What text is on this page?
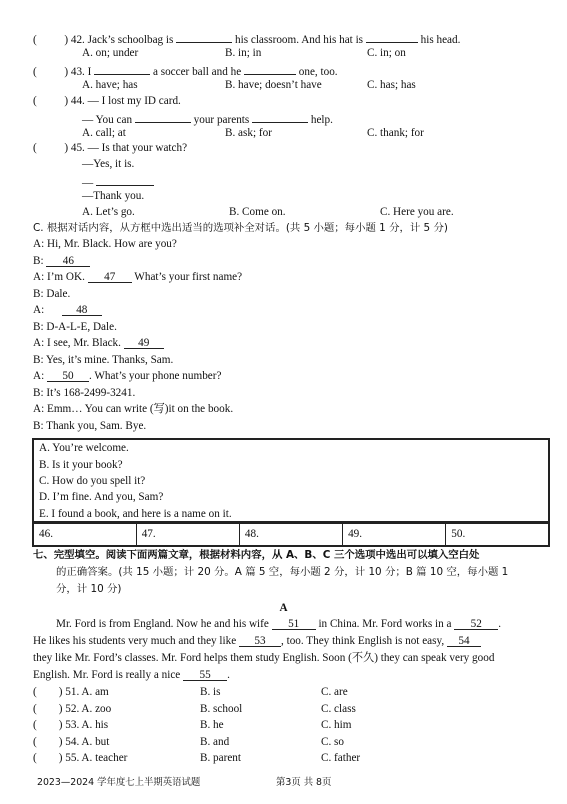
( ) 42. Jack’s schoolbag is	his classroom. And his hat is	his head.
A. on; under	B. in; in	C. in; on
( ) 43. I	a soccer ball and he	one, too.
A. have; has	B. have; doesn’t have	C. has; has
( ) 44. — I lost my ID card.
— You can	your parents	help.
A. call; at	B. ask; for	C. thank; for
( ) 45. — Is that your watch?
—Yes, it is.
—
—Thank you.
A. Let’s go.	B. Come on.	C. Here you are.
C. 根据对话内容，从方框中选出适当的选项补全对话。(共 5 小题；每小题 1 分，计 5 分)
A: Hi, Mr. Black. How are you?
B: 46
A: I’m OK. 47 What’s your first name?
B: Dale.
A:	48
B: D-A-L-E, Dale.
A: I see, Mr. Black. 49
B: Yes, it’s mine. Thanks, Sam.
A: 50 . What’s your phone number?
B: It’s 168-2499-3241.
A: Emm… You can write (写)it on the book.
B: Thank you, Sam. Bye.
A. You’re welcome.
B. Is it your book?
C. How do you spell it?
D. I’m fine. And you, Sam?
E. I found a book, and here is a name on it.
46.	47.	48.	49.	50.
七、完型填空。阅读下面两篇文章，根据材料内容，从 A、B、C 三个选项中选出可以填入空白处
的正确答案。(共 15 小题；计 20 分。A 篇 5 空，每小题 2 分，计 10 分；B 篇 10 空，每小题 1
分，计 10 分)
A
Mr. Ford is from England. Now he and his wife 51 in China. Mr. Ford works in a 52 .
He likes his students very much and they like 53 , too. They think English is not easy, 54
they like Mr. Ford’s classes. Mr. Ford helps them study English. Soon (不久) they can speak very good
English. Mr. Ford is really a nice 55 .
( ) 51. A. am	B. is	C. are
( ) 52. A. zoo	B. school	C. class
( ) 53. A. his	B. he	C. him
( ) 54. A. but	B. and	C. so
( ) 55. A. teacher	B. parent	C. father
2023—2024 学年度七上半期英语试题	第3页 共 8页
